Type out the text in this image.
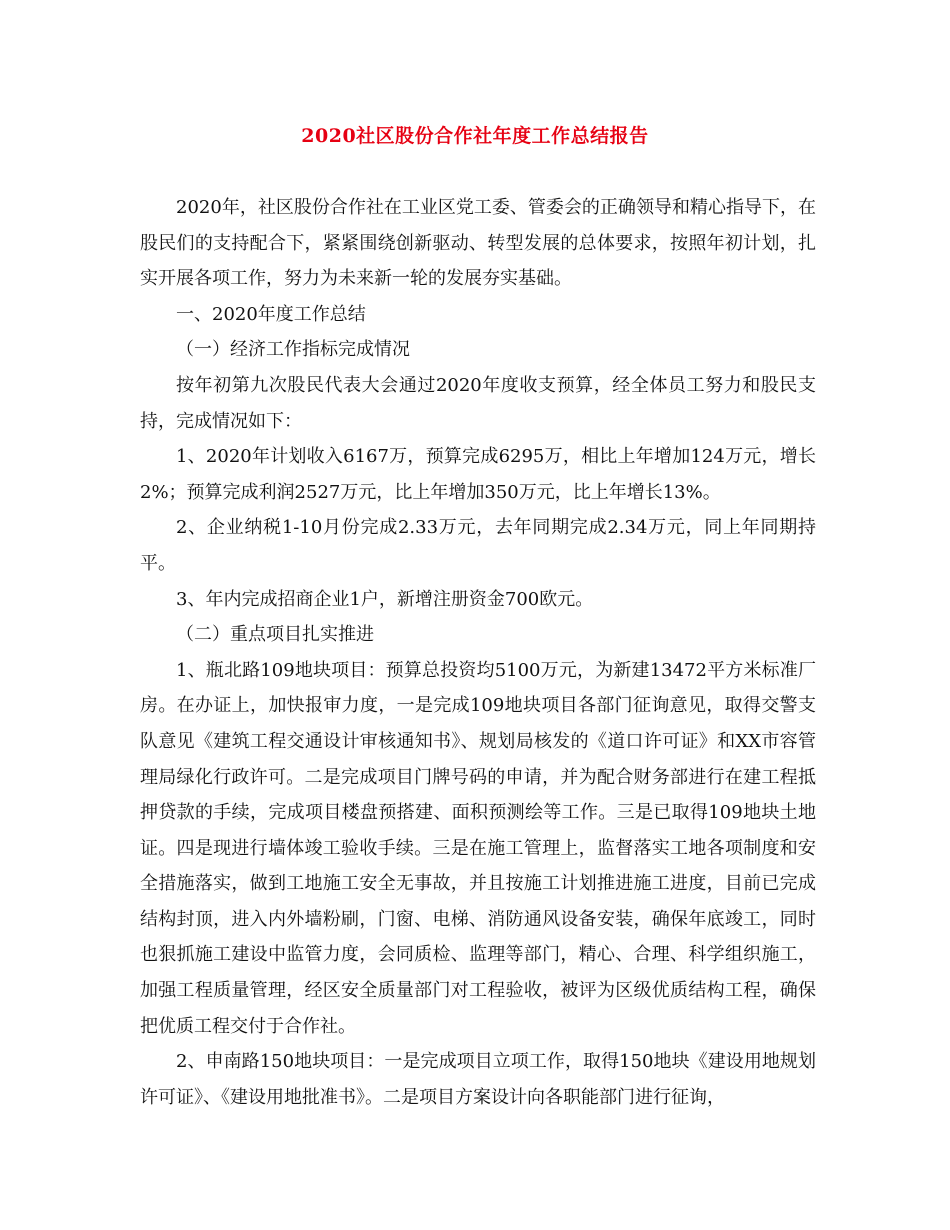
2020社区股份合作社年度工作总结报告

2020年，社区股份合作社在工业区党工委、管委会的正确领导和精心指导下，在股民们的支持配合下，紧紧围绕创新驱动、转型发展的总体要求，按照年初计划，扎实开展各项工作，努力为未来新一轮的发展夯实基础。

一、2020年度工作总结

（一）经济工作指标完成情况

按年初第九次股民代表大会通过2020年度收支预算，经全体员工努力和股民支持，完成情况如下：

1、2020年计划收入6167万，预算完成6295万，相比上年增加124万元，增长2%；预算完成利润2527万元，比上年增加350万元，比上年增长13%。

2、企业纳税1-10月份完成2.33万元，去年同期完成2.34万元，同上年同期持平。

3、年内完成招商企业1户，新增注册资金700欧元。

（二）重点项目扎实推进

1、瓶北路109地块项目：预算总投资均5100万元，为新建13472平方米标准厂房。在办证上，加快报审力度，一是完成109地块项目各部门征询意见，取得交警支队意见《建筑工程交通设计审核通知书》、规划局核发的《道口许可证》和XX市容管理局绿化行政许可。二是完成项目门牌号码的申请，并为配合财务部进行在建工程抵押贷款的手续，完成项目楼盘预搭建、面积预测绘等工作。三是已取得109地块土地证。四是现进行墙体竣工验收手续。三是在施工管理上，监督落实工地各项制度和安全措施落实，做到工地施工安全无事故，并且按施工计划推进施工进度，目前已完成结构封顶，进入内外墙粉刷，门窗、电梯、消防通风设备安装，确保年底竣工，同时也狠抓施工建设中监管力度，会同质检、监理等部门，精心、合理、科学组织施工，加强工程质量管理，经区安全质量部门对工程验收，被评为区级优质结构工程，确保把优质工程交付于合作社。

2、申南路150地块项目：一是完成项目立项工作，取得150地块《建设用地规划许可证》、《建设用地批准书》。二是项目方案设计向各职能部门进行征询，
